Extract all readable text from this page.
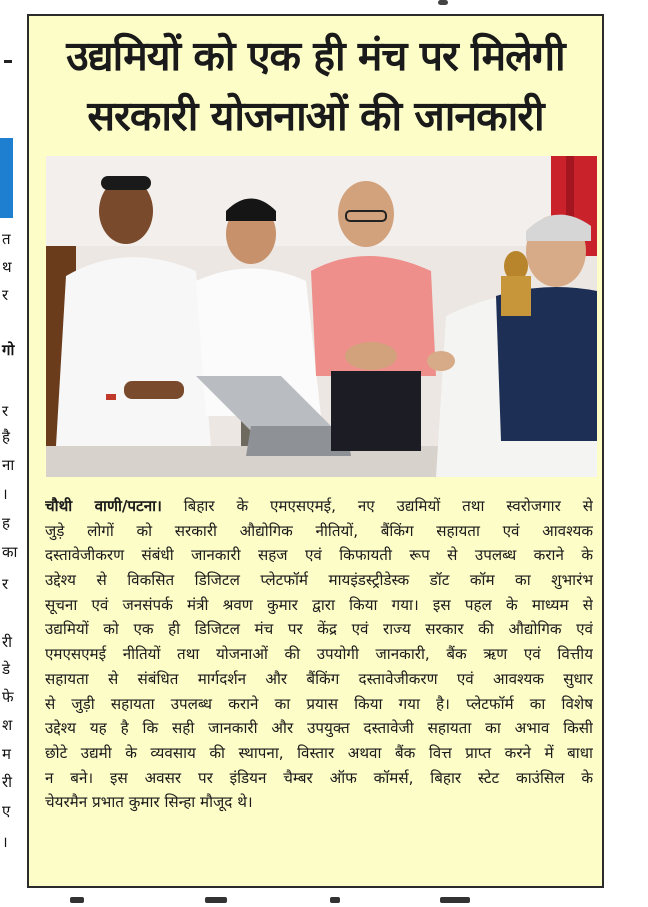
त
थ
र
गो
र
है
ना
।
ह
का
र
री
डे
फे
श
म
री
ए
।
उद्यमियों को एक ही मंच पर मिलेगी
सरकारी योजनाओं की जानकारी
चौथी वाणी/पटना। बिहार के एमएसएमई, नए उद्यमियों तथा स्वरोजगार से
जुड़े लोगों को सरकारी औद्योगिक नीतियों, बैंकिंग सहायता एवं आवश्यक
दस्तावेजीकरण संबंधी जानकारी सहज एवं किफायती रूप से उपलब्ध कराने के
उद्देश्य से विकसित डिजिटल प्लेटफॉर्म मायइंडस्ट्रीडेस्क डॉट कॉम का शुभारंभ
सूचना एवं जनसंपर्क मंत्री श्रवण कुमार द्वारा किया गया। इस पहल के माध्यम से
उद्यमियों को एक ही डिजिटल मंच पर केंद्र एवं राज्य सरकार की औद्योगिक एवं
एमएसएमई नीतियों तथा योजनाओं की उपयोगी जानकारी, बैंक ऋण एवं वित्तीय
सहायता से संबंधित मार्गदर्शन और बैंकिंग दस्तावेजीकरण एवं आवश्यक सुधार
से जुड़ी सहायता उपलब्ध कराने का प्रयास किया गया है। प्लेटफॉर्म का विशेष
उद्देश्य यह है कि सही जानकारी और उपयुक्त दस्तावेजी सहायता का अभाव किसी
छोटे उद्यमी के व्यवसाय की स्थापना, विस्तार अथवा बैंक वित्त प्राप्त करने में बाधा
न बने। इस अवसर पर इंडियन चैम्बर ऑफ कॉमर्स, बिहार स्टेट काउंसिल के
चेयरमैन प्रभात कुमार सिन्हा मौजूद थे।
